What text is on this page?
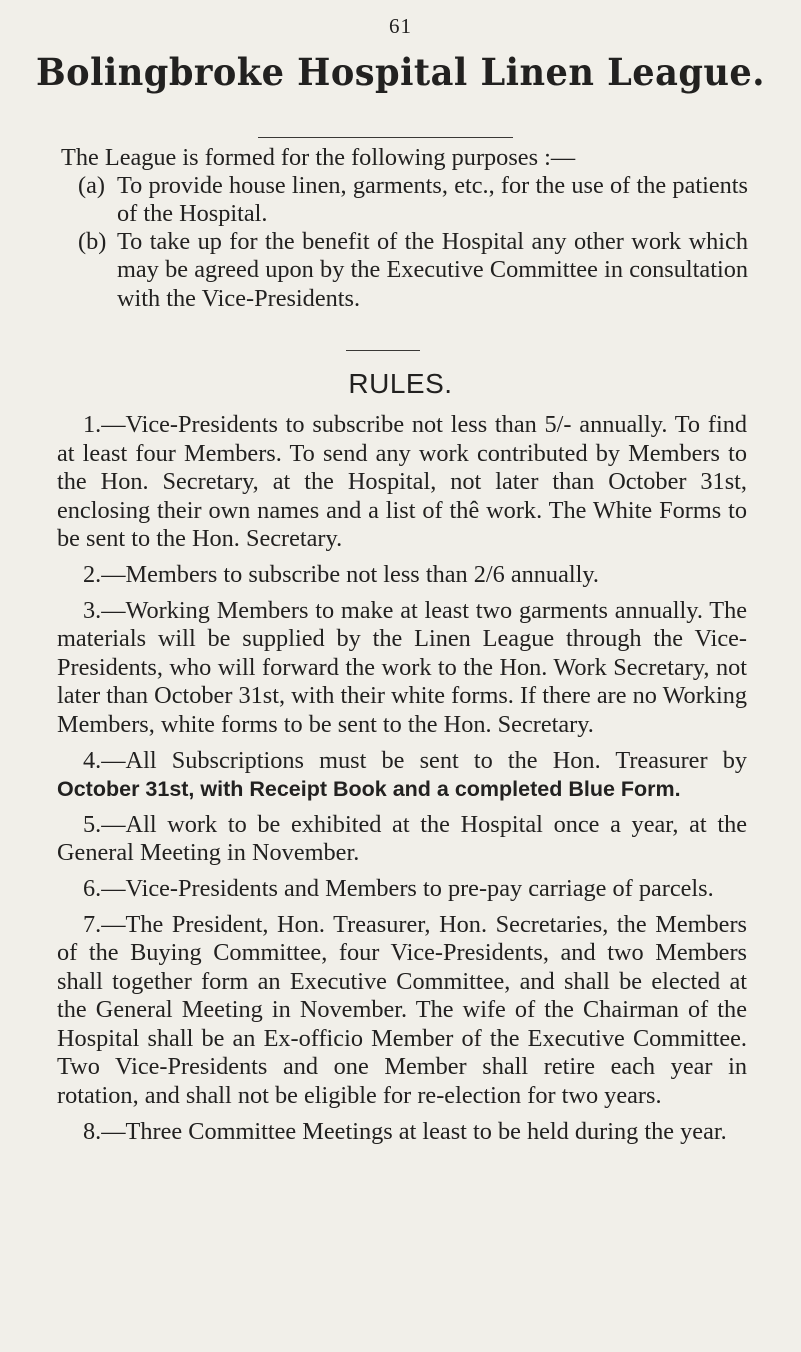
61
Bolingbroke Hospital Linen League.
The League is formed for the following purposes :—
(a) To provide house linen, garments, etc., for the use of the patients of the Hospital.
(b) To take up for the benefit of the Hospital any other work which may be agreed upon by the Executive Committee in consultation with the Vice-Presidents.
RULES.

1.—Vice-Presidents to subscribe not less than 5/- annually. To find at least four Members. To send any work contributed by Members to the Hon. Secretary, at the Hospital, not later than October 31st, enclosing their own names and a list of thê work. The White Forms to be sent to the Hon. Secretary.

2.—Members to subscribe not less than 2/6 annually.

3.—Working Members to make at least two garments annually. The materials will be supplied by the Linen League through the Vice-Presidents, who will forward the work to the Hon. Work Secretary, not later than October 31st, with their white forms. If there are no Working Members, white forms to be sent to the Hon. Secretary.

4.—All Subscriptions must be sent to the Hon. Treasurer by October 31st, with Receipt Book and a completed Blue Form.

5.—All work to be exhibited at the Hospital once a year, at the General Meeting in November.

6.—Vice-Presidents and Members to pre-pay carriage of parcels.

7.—The President, Hon. Treasurer, Hon. Secretaries, the Members of the Buying Committee, four Vice-Presidents, and two Members shall together form an Executive Committee, and shall be elected at the General Meeting in November. The wife of the Chairman of the Hospital shall be an Ex-officio Member of the Executive Committee. Two Vice-Presidents and one Member shall retire each year in rotation, and shall not be eligible for re-election for two years.

8.—Three Committee Meetings at least to be held during the year.
